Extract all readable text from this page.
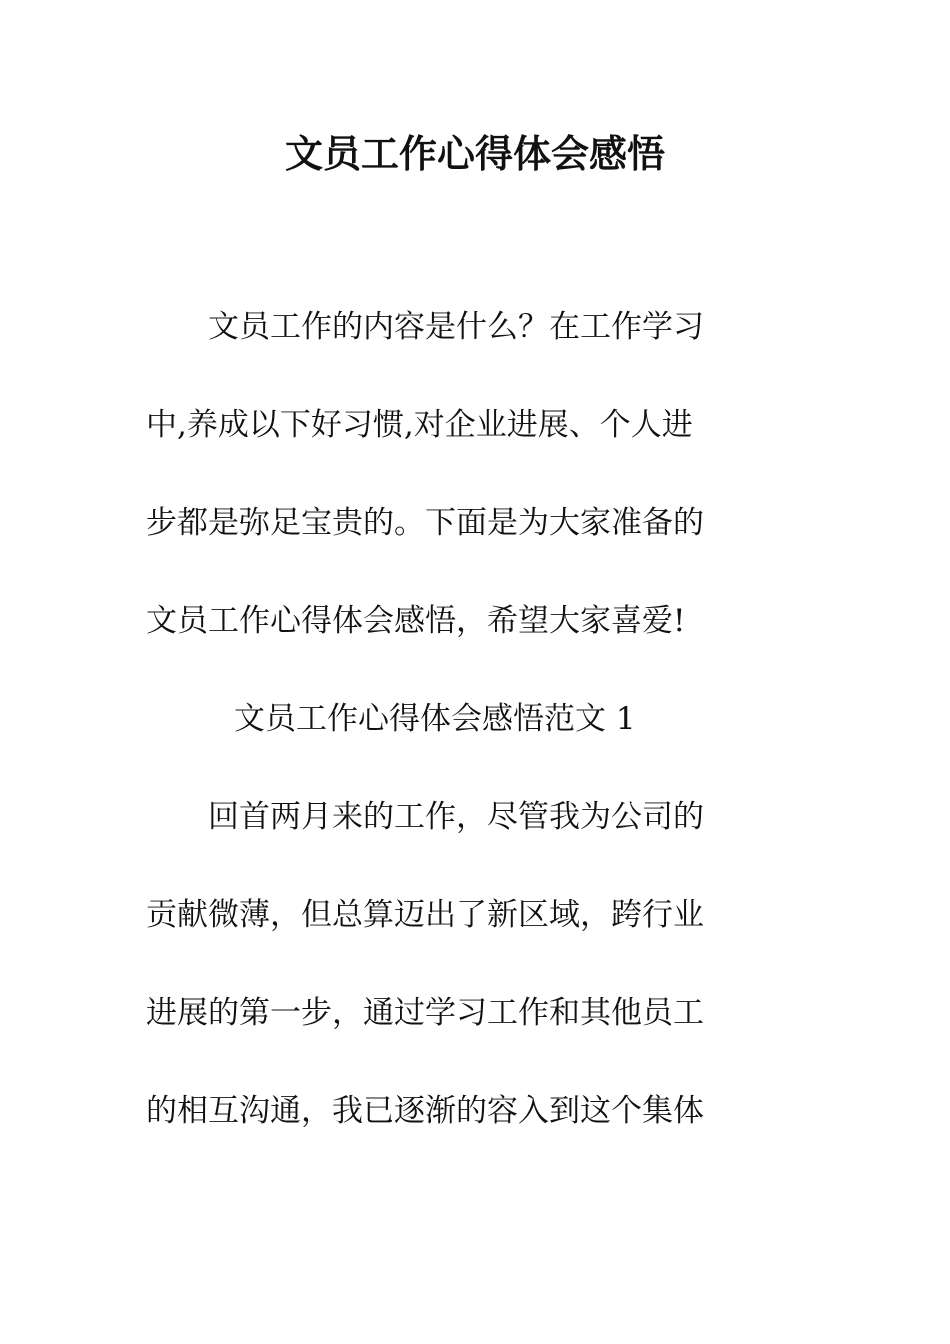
文员工作心得体会感悟

文员工作的内容是什么？在工作学习
中,养成以下好习惯,对企业进展、个人进
步都是弥足宝贵的。下面是为大家准备的
文员工作心得体会感悟，希望大家喜爱!

文员工作心得体会感悟范文 1

回首两月来的工作，尽管我为公司的
贡献微薄，但总算迈出了新区域，跨行业
进展的第一步，通过学习工作和其他员工
的相互沟通，我已逐渐的容入到这个集体
